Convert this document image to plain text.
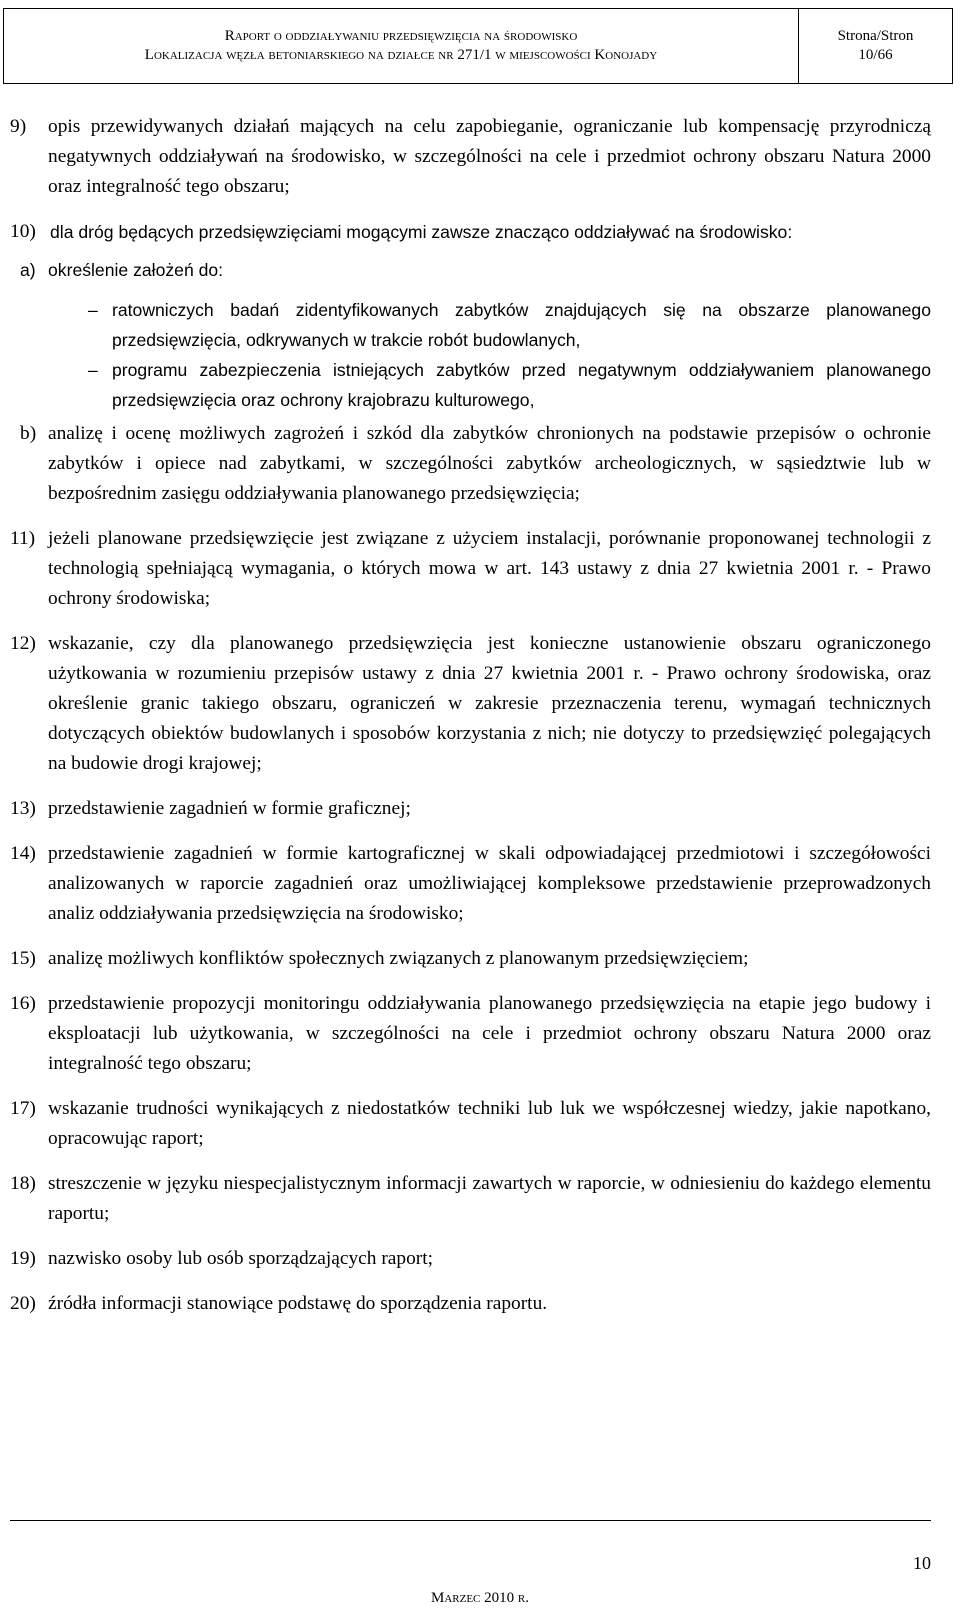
Raport o oddziaływaniu przedsięwzięcia na środowisko
Lokalizacja węzła betoniarskiego na działce nr 271/1 w miejscowości Konojady
Strona/Stron
10/66
9)	opis przewidywanych działań mających na celu zapobieganie, ograniczanie lub kompensację przyrodniczą negatywnych oddziaływań na środowisko, w szczególności na cele i przedmiot ochrony obszaru Natura 2000 oraz integralność tego obszaru;
10) dla dróg będących przedsięwzięciami mogącymi zawsze znacząco oddziaływać na środowisko:
a) określenie założeń do:
– ratowniczych badań zidentyfikowanych zabytków znajdujących się na obszarze planowanego przedsięwzięcia, odkrywanych w trakcie robót budowlanych,
– programu zabezpieczenia istniejących zabytków przed negatywnym oddziaływaniem planowanego przedsięwzięcia oraz ochrony krajobrazu kulturowego,
b) analizę i ocenę możliwych zagrożeń i szkód dla zabytków chronionych na podstawie przepisów o ochronie zabytków i opiece nad zabytkami, w szczególności zabytków archeologicznych, w sąsiedztwie lub w bezpośrednim zasięgu oddziaływania planowanego przedsięwzięcia;
11) jeżeli planowane przedsięwzięcie jest związane z użyciem instalacji, porównanie proponowanej technologii z technologią spełniającą wymagania, o których mowa w art. 143 ustawy z dnia 27 kwietnia 2001 r. - Prawo ochrony środowiska;
12) wskazanie, czy dla planowanego przedsięwzięcia jest konieczne ustanowienie obszaru ograniczonego użytkowania w rozumieniu przepisów ustawy z dnia 27 kwietnia 2001 r. - Prawo ochrony środowiska, oraz określenie granic takiego obszaru, ograniczeń w zakresie przeznaczenia terenu, wymagań technicznych dotyczących obiektów budowlanych i sposobów korzystania z nich; nie dotyczy to przedsięwzięć polegających na budowie drogi krajowej;
13) przedstawienie zagadnień w formie graficznej;
14) przedstawienie zagadnień w formie kartograficznej w skali odpowiadającej przedmiotowi i szczegółowości analizowanych w raporcie zagadnień oraz umożliwiającej kompleksowe przedstawienie przeprowadzonych analiz oddziaływania przedsięwzięcia na środowisko;
15) analizę możliwych konfliktów społecznych związanych z planowanym przedsięwzięciem;
16) przedstawienie propozycji monitoringu oddziaływania planowanego przedsięwzięcia na etapie jego budowy i eksploatacji lub użytkowania, w szczególności na cele i przedmiot ochrony obszaru Natura 2000 oraz integralność tego obszaru;
17) wskazanie trudności wynikających z niedostatków techniki lub luk we współczesnej wiedzy, jakie napotkano, opracowując raport;
18) streszczenie w języku niespecjalistycznym informacji zawartych w raporcie, w odniesieniu do każdego elementu raportu;
19) nazwisko osoby lub osób sporządzających raport;
20) źródła informacji stanowiące podstawę do sporządzenia raportu.
10
Marzec 2010 r.
